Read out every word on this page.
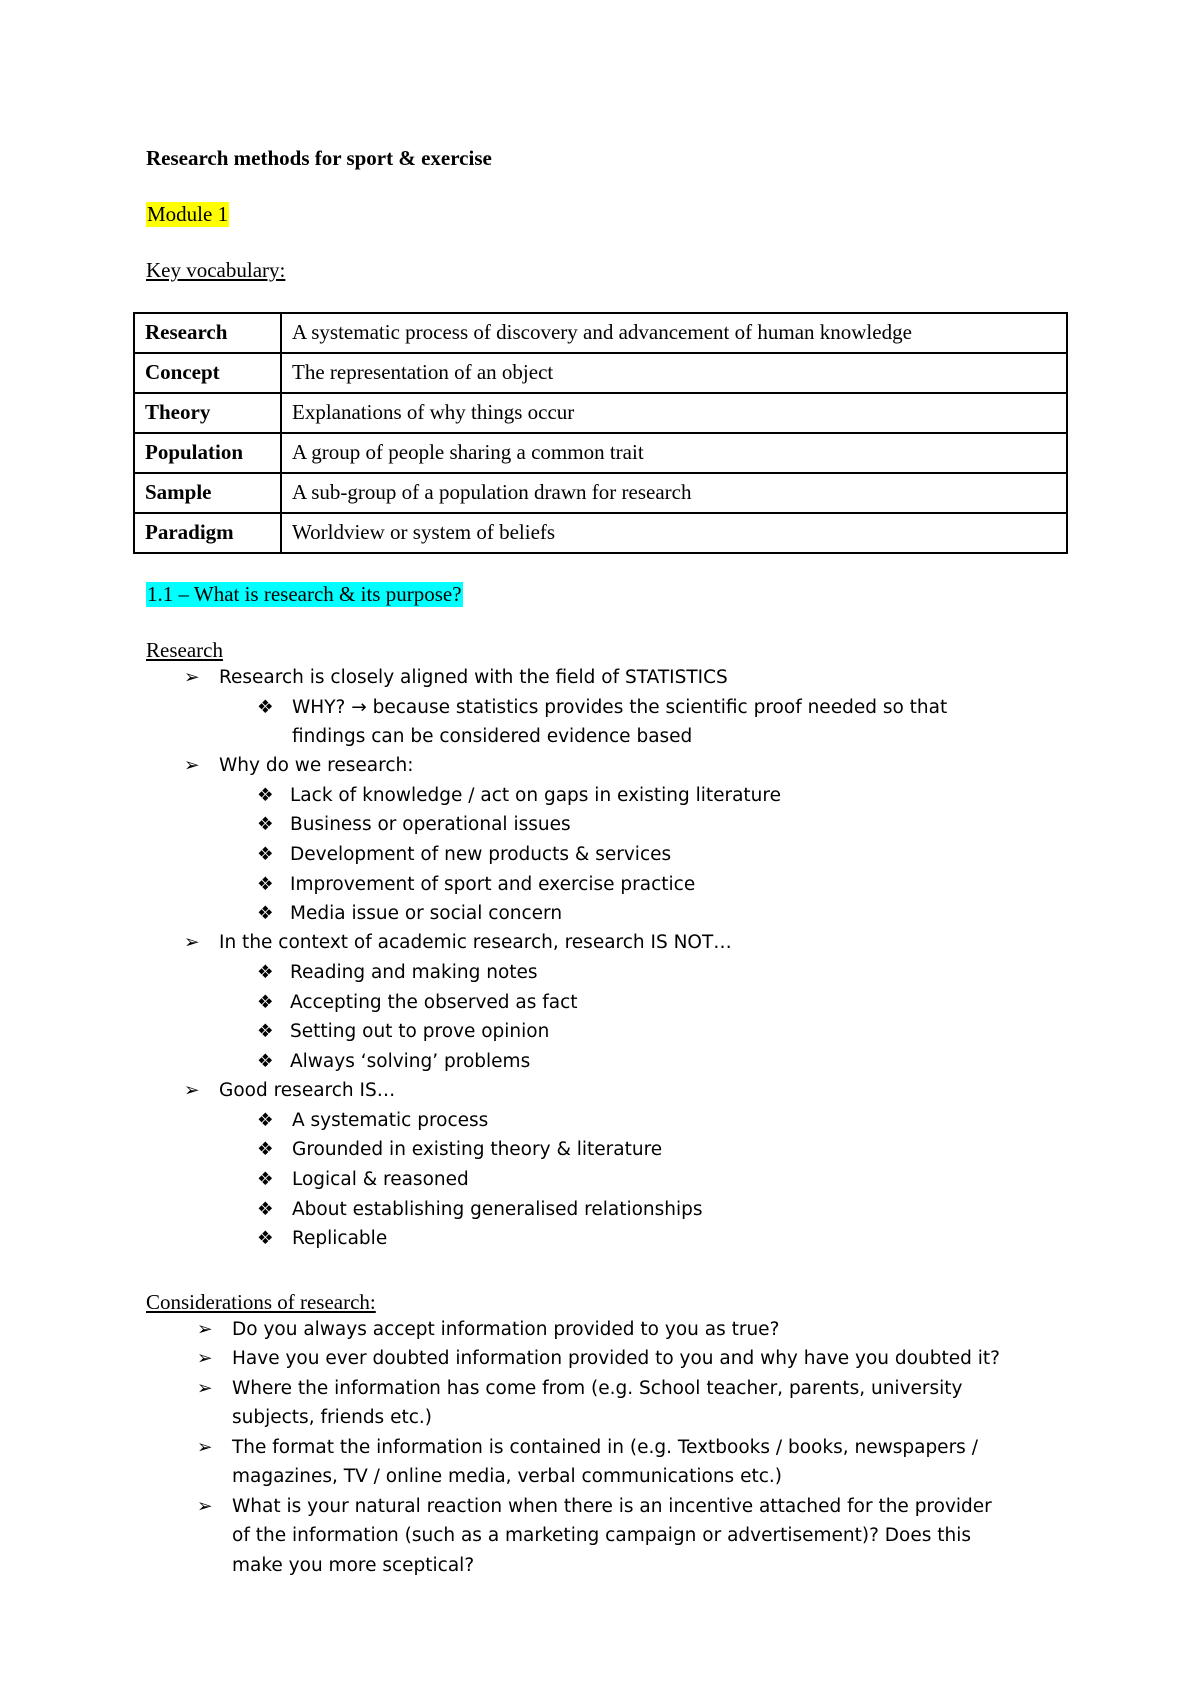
Research methods for sport & exercise
Module 1
Key vocabulary:
Research	A systematic process of discovery and advancement of human knowledge
Concept	The representation of an object
Theory	Explanations of why things occur
Population	A group of people sharing a common trait
Sample	A sub-group of a population drawn for research
Paradigm	Worldview or system of beliefs
1.1 – What is research & its purpose?
Research
➢ Research is closely aligned with the field of STATISTICS
❖ WHY? → because statistics provides the scientific proof needed so that
findings can be considered evidence based
➢ Why do we research:
❖ Lack of knowledge / act on gaps in existing literature
❖ Business or operational issues
❖ Development of new products & services
❖ Improvement of sport and exercise practice
❖ Media issue or social concern
➢ In the context of academic research, research IS NOT…
❖ Reading and making notes
❖ Accepting the observed as fact
❖ Setting out to prove opinion
❖ Always ‘solving’ problems
➢ Good research IS…
❖ A systematic process
❖ Grounded in existing theory & literature
❖ Logical & reasoned
❖ About establishing generalised relationships
❖ Replicable
Considerations of research:
➢ Do you always accept information provided to you as true?
➢ Have you ever doubted information provided to you and why have you doubted it?
➢ Where the information has come from (e.g. School teacher, parents, university
subjects, friends etc.)
➢ The format the information is contained in (e.g. Textbooks / books, newspapers /
magazines, TV / online media, verbal communications etc.)
➢ What is your natural reaction when there is an incentive attached for the provider
of the information (such as a marketing campaign or advertisement)? Does this
make you more sceptical?
